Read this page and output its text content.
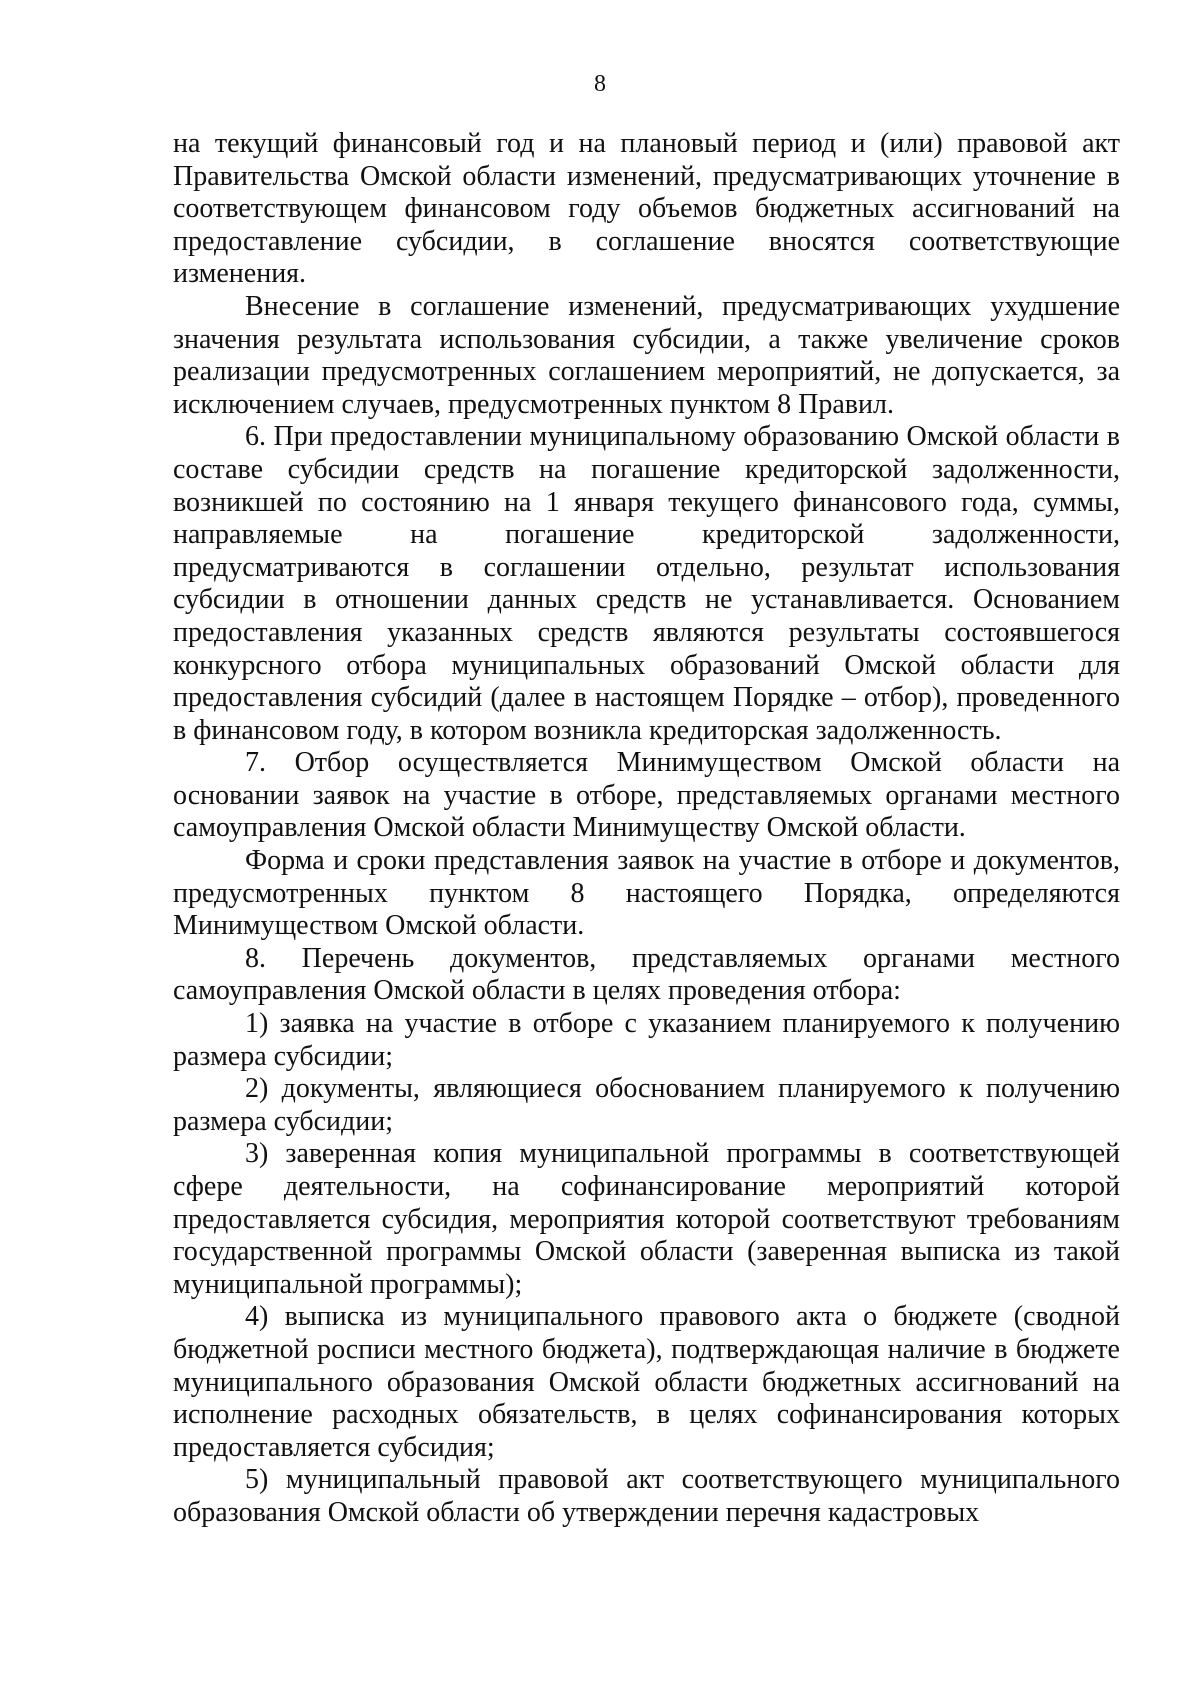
8

на текущий финансовый год и на плановый период и (или) правовой акт Правительства Омской области изменений, предусматривающих уточнение в соответствующем финансовом году объемов бюджетных ассигнований на предоставление субсидии, в соглашение вносятся соответствующие изменения.

Внесение в соглашение изменений, предусматривающих ухудшение значения результата использования субсидии, а также увеличение сроков реализации предусмотренных соглашением мероприятий, не допускается, за исключением случаев, предусмотренных пунктом 8 Правил.

6. При предоставлении муниципальному образованию Омской области в составе субсидии средств на погашение кредиторской задолженности, возникшей по состоянию на 1 января текущего финансового года, суммы, направляемые на погашение кредиторской задолженности, предусматриваются в соглашении отдельно, результат использования субсидии в отношении данных средств не устанавливается. Основанием предоставления указанных средств являются результаты состоявшегося конкурсного отбора муниципальных образований Омской области для предоставления субсидий (далее в настоящем Порядке – отбор), проведенного в финансовом году, в котором возникла кредиторская задолженность.

7. Отбор осуществляется Минимуществом Омской области на основании заявок на участие в отборе, представляемых органами местного самоуправления Омской области Минимуществу Омской области.

Форма и сроки представления заявок на участие в отборе и документов, предусмотренных пунктом 8 настоящего Порядка, определяются Минимуществом Омской области.

8. Перечень документов, представляемых органами местного самоуправления Омской области в целях проведения отбора:

1) заявка на участие в отборе с указанием планируемого к получению размера субсидии;

2) документы, являющиеся обоснованием планируемого к получению размера субсидии;

3) заверенная копия муниципальной программы в соответствующей сфере деятельности, на софинансирование мероприятий которой предоставляется субсидия, мероприятия которой соответствуют требованиям государственной программы Омской области (заверенная выписка из такой муниципальной программы);

4) выписка из муниципального правового акта о бюджете (сводной бюджетной росписи местного бюджета), подтверждающая наличие в бюджете муниципального образования Омской области бюджетных ассигнований на исполнение расходных обязательств, в целях софинансирования которых предоставляется субсидия;

5) муниципальный правовой акт соответствующего муниципального образования Омской области об утверждении перечня кадастровых
